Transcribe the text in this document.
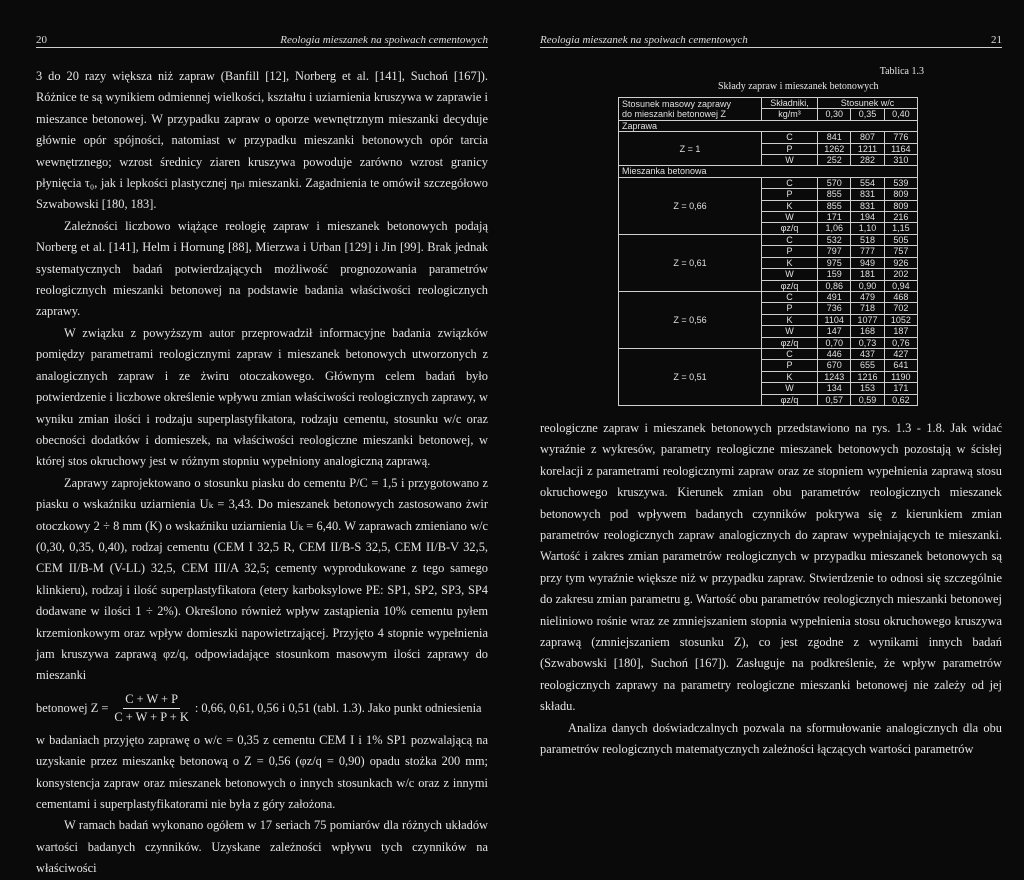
20	Reologia mieszanek na spoiwach cementowych

3 do 20 razy większa niż zapraw (Banfill [12], Norberg et al. [141], Suchoń [167]). Różnice te są wynikiem odmiennej wielkości, kształtu i uziarnienia kruszywa w zaprawie i mieszance betonowej. W przypadku zapraw o oporze wewnętrznym mieszanki decyduje głównie opór spójności, natomiast w przypadku mieszanki betonowych opór tarcia wewnętrznego; wzrost średnicy ziaren kruszywa powoduje zarówno wzrost granicy płynięcia τ₀, jak i lepkości plastycznej ηₚₗ mieszanki. Zagadnienia te omówił szczegółowo Szwabowski [180, 183].

Zależności liczbowo wiążące reologię zapraw i mieszanek betonowych podają Norberg et al. [141], Helm i Hornung [88], Mierzwa i Urban [129] i Jin [99]. Brak jednak systematycznych badań potwierdzających możliwość prognozowania parametrów reologicznych mieszanki betonowej na podstawie badania właściwości reologicznych zaprawy.

W związku z powyższym autor przeprowadził informacyjne badania związków pomiędzy parametrami reologicznymi zapraw i mieszanek betonowych utworzonych z analogicznych zapraw i ze żwiru otoczakowego. Głównym celem badań było potwierdzenie i liczbowe określenie wpływu zmian właściwości reologicznych zaprawy, w wyniku zmian ilości i rodzaju superplastyfikatora, rodzaju cementu, stosunku w/c oraz obecności dodatków i domieszek, na właściwości reologiczne mieszanki betonowej, w której stos okruchowy jest w różnym stopniu wypełniony analogiczną zaprawą.

Zaprawy zaprojektowano o stosunku piasku do cementu P/C = 1,5 i przygotowano z piasku o wskaźniku uziarnienia Uₖ = 3,43. Do mieszanek betonowych zastosowano żwir otoczkowy 2 ÷ 8 mm (K) o wskaźniku uziarnienia Uₖ = 6,40. W zaprawach zmieniano w/c (0,30, 0,35, 0,40), rodzaj cementu (CEM I 32,5 R, CEM II/B-S 32,5, CEM II/B-V 32,5, CEM II/B-M (V-LL) 32,5, CEM III/A 32,5; cementy wyprodukowane z tego samego klinkieru), rodzaj i ilość superplastyfikatora (etery karboksylowe PE: SP1, SP2, SP3, SP4 dodawane w ilości 1 ÷ 2%). Określono również wpływ zastąpienia 10% cementu pyłem krzemionkowym oraz wpływ domieszki napowietrzającej. Przyjęto 4 stopnie wypełnienia jam kruszywa zaprawą φz/q, odpowiadające stosunkom masowym ilości zaprawy do mieszanki

betonowej
$Z = \frac{C + W + P}{C + W + P + K}$ : 0,66, 0,61, 0,56 i 0,51 (tabl. 1.3). Jako punkt odniesienia

w badaniach przyjęto zaprawę o w/c = 0,35 z cementu CEM I i 1% SP1 pozwalającą na uzyskanie przez mieszankę betonową o Z = 0,56 (φz/q = 0,90) opadu stożka 200 mm; konsystencja zapraw oraz mieszanek betonowych o innych stosunkach w/c oraz z innymi cementami i superplastyfikatorami nie była z góry założona.

W ramach badań wykonano ogółem w 17 seriach 75 pomiarów dla różnych układów wartości badanych czynników. Uzyskane zależności wpływu tych czynników na właściwości

Reologia mieszanek na spoiwach cementowych	21
Tablica 1.3
Składy zapraw i mieszanek betonowych
Stosunek masowy zaprawy
do mieszanki betonowej Z	Składniki,	Stosunek w/c		
	kg/m³	0,30	0,35	0,40
Zaprawa				
Z = 1	C	841	807	776
	P	1262	1211	1164
	W	252	282	310
Mieszanka betonowa				
Z = 0,66	C	570	554	539
	P	855	831	809
	K	855	831	809
	W	171	194	216
	φz/q	1,06	1,10	1,15
Z = 0,61	C	532	518	505
	P	797	777	757
	K	975	949	926
	W	159	181	202
	φz/q	0,86	0,90	0,94
Z = 0,56	C	491	479	468
	P	736	718	702
	K	1104	1077	1052
	W	147	168	187
	φz/q	0,70	0,73	0,76
Z = 0,51	C	446	437	427
	P	670	655	641
	K	1243	1216	1190
	W	134	153	171
	φz/q	0,57	0,59	0,62

reologiczne zapraw i mieszanek betonowych przedstawiono na rys. 1.3 - 1.8. Jak widać wyraźnie z wykresów, parametry reologiczne mieszanek betonowych pozostają w ścisłej korelacji z parametrami reologicznymi zapraw oraz ze stopniem wypełnienia zaprawą stosu okruchowego kruszywa. Kierunek zmian obu parametrów reologicznych mieszanek betonowych pod wpływem badanych czynników pokrywa się z kierunkiem zmian parametrów reologicznych zapraw analogicznych do zapraw wypełniających te mieszanki. Wartość i zakres zmian parametrów reologicznych w przypadku mieszanek betonowych są przy tym wyraźnie większe niż w przypadku zapraw. Stwierdzenie to odnosi się szczególnie do zakresu zmian parametru g. Wartość obu parametrów reologicznych mieszanki betonowej nieliniowo rośnie wraz ze zmniejszaniem stopnia wypełnienia stosu okruchowego kruszywa zaprawą (zmniejszaniem stosunku Z), co jest zgodne z wynikami innych badań (Szwabowski [180], Suchoń [167]). Zasługuje na podkreślenie, że wpływ parametrów reologicznych zaprawy na parametry reologiczne mieszanki betonowej nie zależy od jej składu.

Analiza danych doświadczalnych pozwala na sformułowanie analogicznych dla obu parametrów reologicznych matematycznych zależności łączących wartości parametrów
